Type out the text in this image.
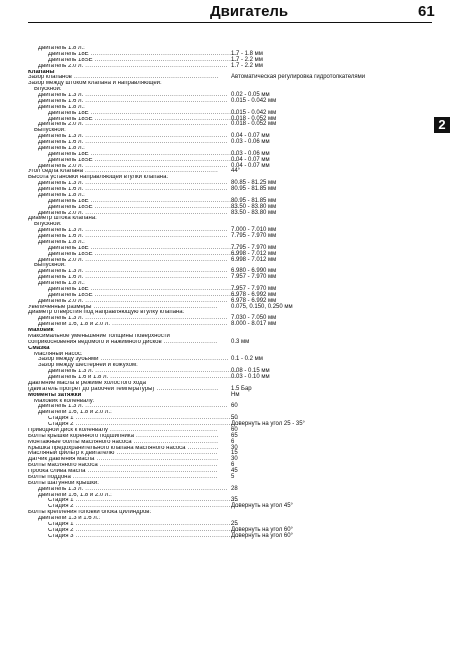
Двигатель	61
2
Двигатель 1.8 л.:
Двигатель 18E .....	1.7 - 1.8 мм
Двигатель 18SE .....	1.7 - 2.2 мм
Двигатель 2.0 л. .....	1.7 - 2.2 мм
Клапаны
Зазор клапанов .....	Автоматическая регулировка гидротолкателями
Зазор между штоком клапана и направляющей:
Впускной:
Двигатель 1.3 л. .....	0.02 - 0.05 мм
Двигатель 1.6 л. .....	0.015 - 0.042 мм
Двигатель 1.8 л.:
Двигатель 18E .....	0.015 - 0.042 мм
Двигатель 18SE .....	0.018 - 0.052 мм
Двигатель 2.0 л. .....	0.018 - 0.052 мм
Выпускной:
Двигатель 1.3 л. .....	0.04 - 0.07 мм
Двигатель 1.6 л. .....	0.03 - 0.06 мм
Двигатель 1.8 л.:
Двигатель 18E .....	0.03 - 0.06 мм
Двигатель 18SE .....	0.04 - 0.07 мм
Двигатель 2.0 л. .....	0.04 - 0.07 мм
Угол седла клапана .....	44°
Высота установки направляющей втулки клапана:
Двигатель 1.3 л. .....	80.85 - 81.25 мм
Двигатель 1.6 л. .....	80.95 - 81.85 мм
Двигатель 1.8 л.:
Двигатель 18E .....	80.95 - 81.85 мм
Двигатель 18SE .....	83.50 - 83.80 мм
Двигатель 2.0 л. .....	83.50 - 83.80 мм
Диаметр штока клапана:
Впускной:
Двигатель 1.3 л. .....	7.000 - 7.010 мм
Двигатель 1.6 л. .....	7.795 - 7.970 мм
Двигатель 1.8 л.:
Двигатель 18E .....	7.795 - 7.970 мм
Двигатель 18SE .....	6.998 - 7.012 мм
Двигатель 2.0 л. .....	6.998 - 7.012 мм
Выпускной:
Двигатель 1.3 л. .....	6.980 - 6.990 мм
Двигатель 1.6 л. .....	7.957 - 7.970 мм
Двигатель 1.8 л.:
Двигатель 18E .....	7.957 - 7.970 мм
Двигатель 18SE .....	6.978 - 6.992 мм
Двигатель 2.0 л. .....	6.978 - 6.992 мм
Увеличенные размеры .....	0.075, 0.150, 0.250 мм
Диаметр отверстия под направляющую втулку клапана:
Двигатель 1.3 л. .....	7.030 - 7.050 мм
Двигатели 1.6, 1.8 и 2.0 л. .....	8.000 - 8.017 мм
Маховик
Максимальное уменьшение толщины поверхности
соприкосновения ведомого и нажимного дисков .....	0.3 мм
Смазка
Масляный насос:
Зазор между зубьями .....	0.1 - 0.2 мм
Зазор между шестерней и кожухом:
Двигатель 1.3 л. .....	0.08 - 0.15 мм
Двигатель 1.6 и 1.8 л. .....	0.03 - 0.10 мм
Давление масла в режиме холостого хода
(двигатель прогрет до рабочей температуры) .....	1.5 Бар
Моменты затяжки	Нм
Маховик к коленвалу:
Двигатель 1.3 л. .....	60
Двигатели 1.6, 1.8 и 2.0 л.:
Стадия 1 .....	50
Стадия 2 .....	Довернуть на угол 25 - 35°
Приводной диск к коленвалу .....	60
Болты крышки коренного подшипника .....	65
Монтажные болты масляного насоса .....	6
Крышка предохранительного клапана масляного насоса .....	30
Масляный фильтр к двигателю .....	15
Датчик давления масла .....	30
Болты масляного насоса .....	6
Пробка слива масла .....	45
Болты поддона .....	5
Болты шатунной крышки:
Двигатель 1.3 л. .....	28
Двигатели 1.6, 1.8 и 2.0 л.:
Стадия 1 .....	35
Стадия 2 .....	Довернуть на угол 45°
Болты крепления головки блока цилиндров:
Двигатели 1.3 и 1.6 л.:
Стадия 1 .....	25
Стадия 2 .....	Довернуть на угол 60°
Стадия 3 .....	Довернуть на угол 60°
